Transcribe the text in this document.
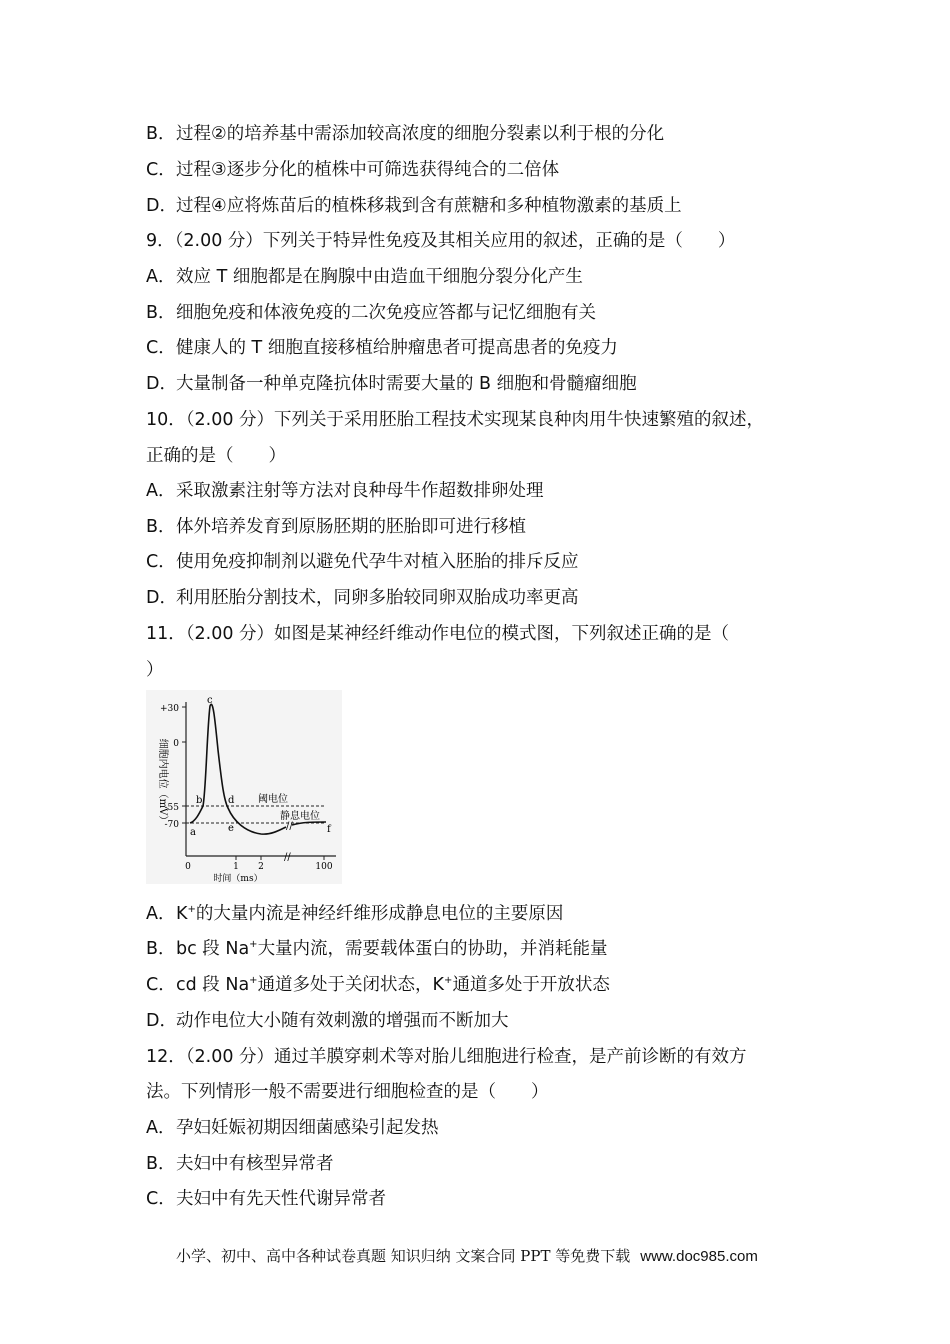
B．过程②的培养基中需添加较高浓度的细胞分裂素以利于根的分化
C．过程③逐步分化的植株中可筛选获得纯合的二倍体
D．过程④应将炼苗后的植株移栽到含有蔗糖和多种植物激素的基质上
9．（2.00 分）下列关于特异性免疫及其相关应用的叙述，正确的是（　　）
A．效应 T 细胞都是在胸腺中由造血干细胞分裂分化产生
B．细胞免疫和体液免疫的二次免疫应答都与记忆细胞有关
C．健康人的 T 细胞直接移植给肿瘤患者可提高患者的免疫力
D．大量制备一种单克隆抗体时需要大量的 B 细胞和骨髓瘤细胞
10．（2.00 分）下列关于采用胚胎工程技术实现某良种肉用牛快速繁殖的叙述，
正确的是（　　）
A．采取激素注射等方法对良种母牛作超数排卵处理
B．体外培养发育到原肠胚期的胚胎即可进行移植
C．使用免疫抑制剂以避免代孕牛对植入胚胎的排斥反应
D．利用胚胎分割技术，同卵多胎较同卵双胎成功率更高
11．（2.00 分）如图是某神经纤维动作电位的模式图，下列叙述正确的是（
）
+30
0
-55
-70
0	1 2	100
//
//
阈电位
静息电位
a
b
c
d
e	f
细胞内电位（mV）
时间（ms）
A．K+的大量内流是神经纤维形成静息电位的主要原因
B．bc 段 Na+大量内流，需要载体蛋白的协助，并消耗能量
C．cd 段 Na+通道多处于关闭状态，K+通道多处于开放状态
D．动作电位大小随有效刺激的增强而不断加大
12．（2.00 分）通过羊膜穿刺术等对胎儿细胞进行检查，是产前诊断的有效方
法。下列情形一般不需要进行细胞检查的是（　　）
A．孕妇妊娠初期因细菌感染引起发热
B．夫妇中有核型异常者
C．夫妇中有先天性代谢异常者
小学、初中、高中各种试卷真题 知识归纳 文案合同 PPT 等免费下载 www.doc985.com
